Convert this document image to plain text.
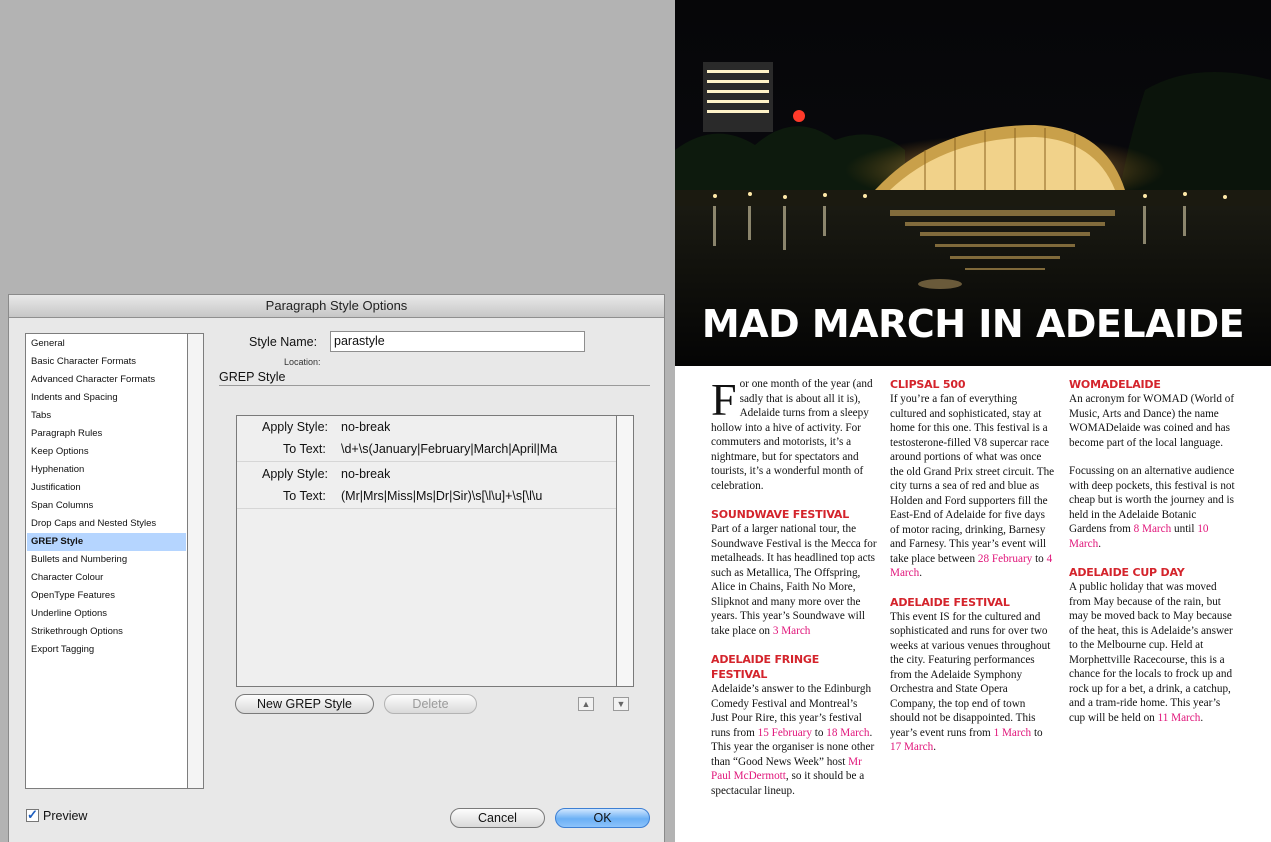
Paragraph Style Options
General
Basic Character Formats
Advanced Character Formats
Indents and Spacing
Tabs
Paragraph Rules
Keep Options
Hyphenation
Justification
Span Columns
Drop Caps and Nested Styles
GREP Style
Bullets and Numbering
Character Colour
OpenType Features
Underline Options
Strikethrough Options
Export Tagging
Style Name:	parastyle
Location:
GREP Style
Apply Style: no-break
To Text: \d+\s(January|February|March|April|Ma
Apply Style: no-break
To Text: (Mr|Mrs|Miss|Ms|Dr|Sir)\s[\l\u]+\s[\l\u
New GREP Style	Delete	▲	▼
✓ Preview	Cancel	OK
MAD MARCH IN ADELAIDE

For one month of the year (and sadly that is about all it is), Adelaide turns from a sleepy hollow into a hive of activity. For commuters and motorists, it’s a nightmare, but for spectators and tourists, it’s a wonderful month of celebration.

SOUNDWAVE FESTIVAL

Part of a larger national tour, the Soundwave Festival is the Mecca for metalheads. It has headlined top acts such as Metallica, The Offspring, Alice in Chains, Faith No More, Slipknot and many more over the years. This year’s Soundwave will take place on 3 March

ADELAIDE FRINGE FESTIVAL

Adelaide’s answer to the Edinburgh Comedy Festival and Montreal’s Just Pour Rire, this year’s festival runs from 15 February to 18 March. This year the organiser is none other than “Good News Week” host Mr Paul McDermott, so it should be a spectacular lineup.

CLIPSAL 500

If you’re a fan of everything cultured and sophisticated, stay at home for this one. This festival is a testosterone-filled V8 supercar race around portions of what was once the old Grand Prix street circuit. The city turns a sea of red and blue as Holden and Ford supporters fill the East-End of Adelaide for five days of motor racing, drinking, Barnesy and Farnesy. This year’s event will take place between 28 February to 4 March.

ADELAIDE FESTIVAL

This event IS for the cultured and sophisticated and runs for over two weeks at various venues throughout the city. Featuring performances from the Adelaide Symphony Orchestra and State Opera Company, the top end of town should not be disappointed. This year’s event runs from 1 March to 17 March.

WOMADELAIDE

An acronym for WOMAD (World of Music, Arts and Dance) the name WOMADelaide was coined and has become part of the local language.

Focussing on an alternative audience with deep pockets, this festival is not cheap but is worth the journey and is held in the Adelaide Botanic Gardens from 8 March until 10 March.

ADELAIDE CUP DAY

A public holiday that was moved from May because of the rain, but may be moved back to May because of the heat, this is Adelaide’s answer to the Melbourne cup. Held at Morphettville Racecourse, this is a chance for the locals to frock up and rock up for a bet, a drink, a catchup, and a tram-ride home. This year’s cup will be held on 11 March.
